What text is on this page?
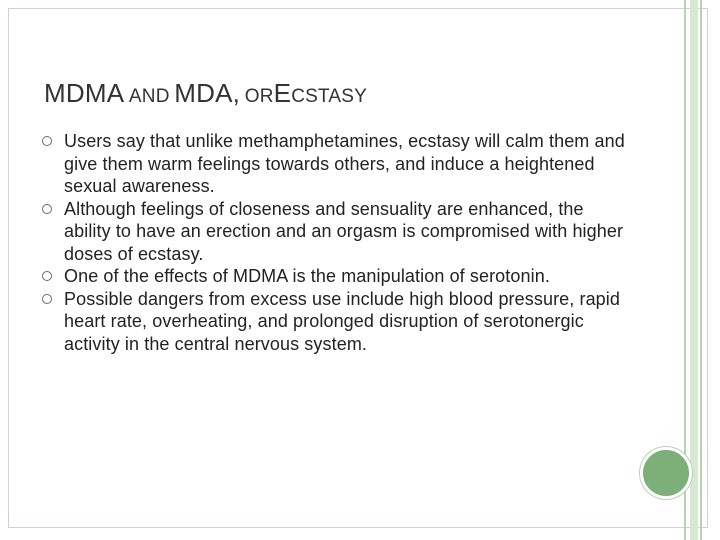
MDMA AND MDA, ORECSTASY
Users say that unlike methamphetamines, ecstasy will calm them and give them warm feelings towards others, and induce a heightened sexual awareness.
Although feelings of closeness and sensuality are enhanced, the ability to have an erection and an orgasm is compromised with higher doses of ecstasy.
One of the effects of MDMA is the manipulation of serotonin.
Possible dangers from excess use include high blood pressure, rapid heart rate, overheating, and prolonged disruption of serotonergic activity in the central nervous system.
